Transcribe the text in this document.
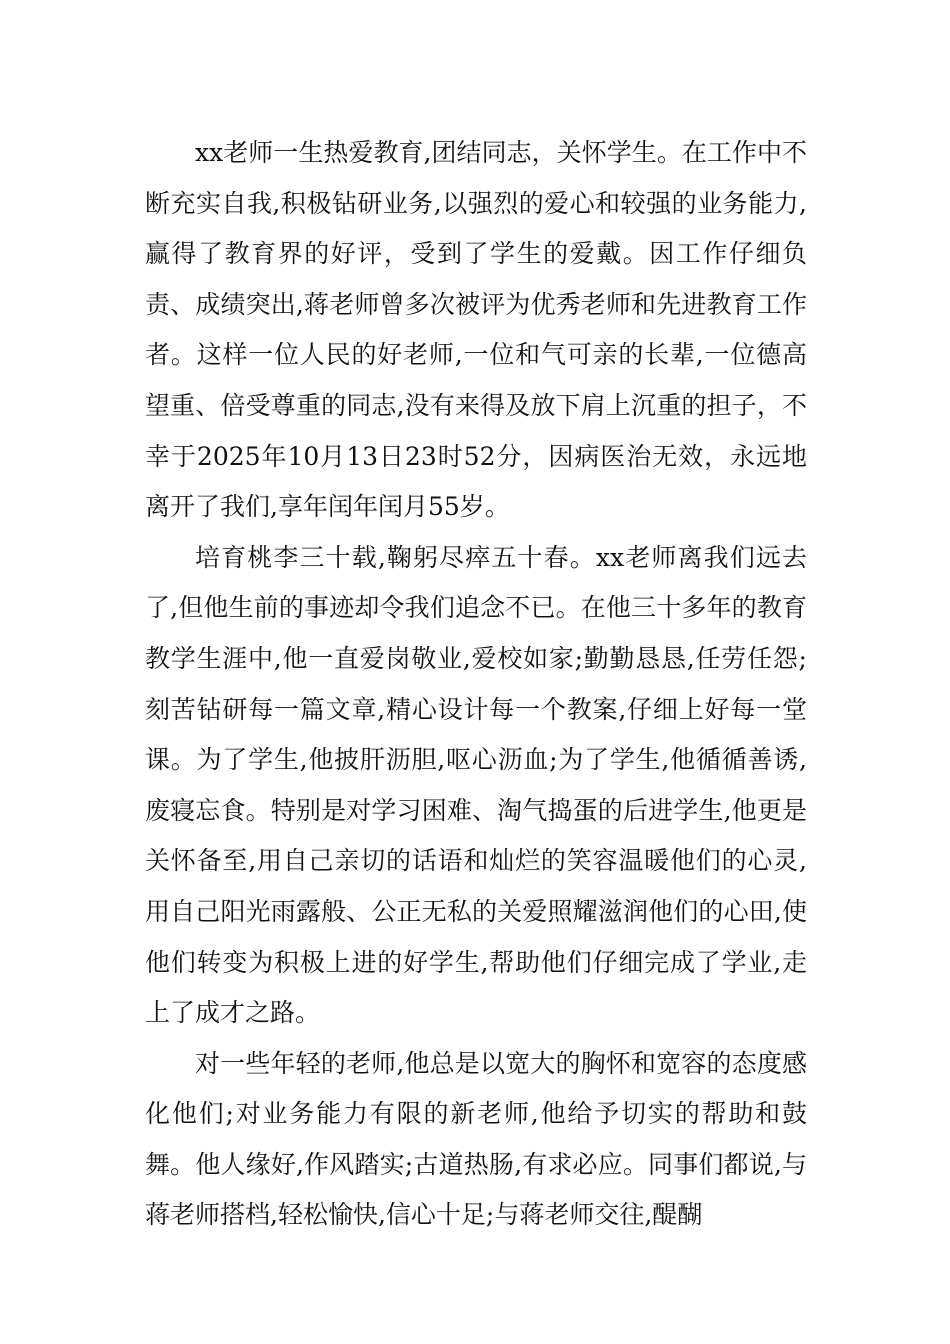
xx老师一生热爱教育,团结同志，关怀学生。在工作中不断充实自我,积极钻研业务,以强烈的爱心和较强的业务能力,赢得了教育界的好评，受到了学生的爱戴。因工作仔细负责、成绩突出,蒋老师曾多次被评为优秀老师和先进教育工作者。这样一位人民的好老师,一位和气可亲的长辈,一位德高望重、倍受尊重的同志,没有来得及放下肩上沉重的担子，不幸于2025年10月13日23时52分，因病医治无效，永远地离开了我们,享年闰年闰月55岁。

培育桃李三十载,鞠躬尽瘁五十春。xx老师离我们远去了,但他生前的事迹却令我们追念不已。在他三十多年的教育教学生涯中,他一直爱岗敬业,爱校如家;勤勤恳恳,任劳任怨;刻苦钻研每一篇文章,精心设计每一个教案,仔细上好每一堂课。为了学生,他披肝沥胆,呕心沥血;为了学生,他循循善诱,废寝忘食。特别是对学习困难、淘气捣蛋的后进学生,他更是关怀备至,用自己亲切的话语和灿烂的笑容温暖他们的心灵,用自己阳光雨露般、公正无私的关爱照耀滋润他们的心田,使他们转变为积极上进的好学生,帮助他们仔细完成了学业,走上了成才之路。

对一些年轻的老师,他总是以宽大的胸怀和宽容的态度感化他们;对业务能力有限的新老师,他给予切实的帮助和鼓舞。他人缘好,作风踏实;古道热肠,有求必应。同事们都说,与蒋老师搭档,轻松愉快,信心十足;与蒋老师交往,醍醐
